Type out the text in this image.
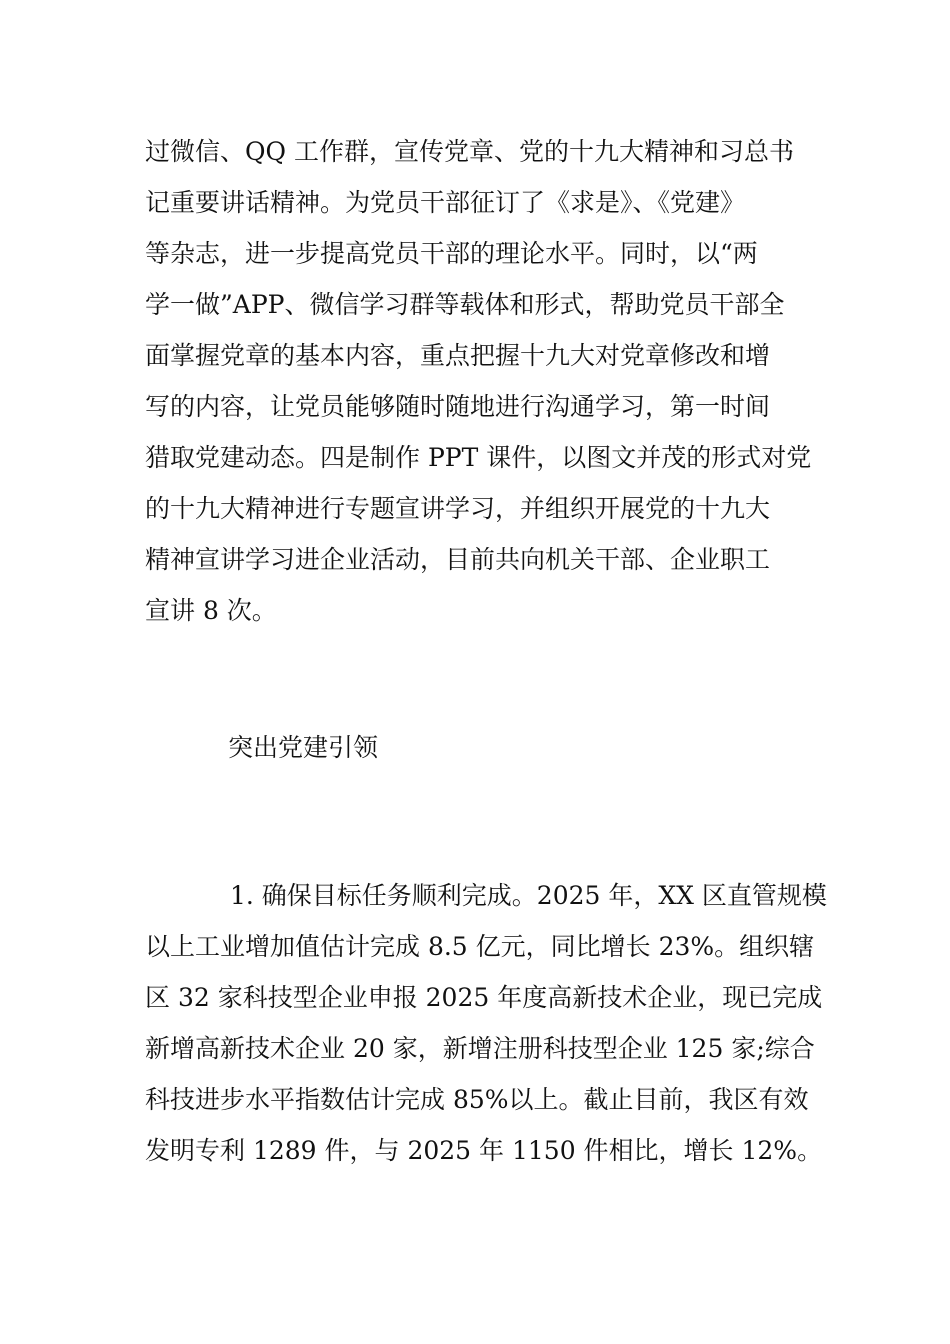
过微信、QQ 工作群，宣传党章、党的十九大精神和习总书
记重要讲话精神。为党员干部征订了《求是》、《党建》
等杂志，进一步提高党员干部的理论水平。同时，以“两
学一做”APP、微信学习群等载体和形式，帮助党员干部全
面掌握党章的基本内容，重点把握十九大对党章修改和增
写的内容，让党员能够随时随地进行沟通学习，第一时间
猎取党建动态。四是制作 PPT 课件，以图文并茂的形式对党
的十九大精神进行专题宣讲学习，并组织开展党的十九大
精神宣讲学习进企业活动，目前共向机关干部、企业职工
宣讲 8 次。
突出党建引领
1. 确保目标任务顺利完成。2025 年，XX 区直管规模
以上工业增加值估计完成 8.5 亿元，同比增长 23%。组织辖
区 32 家科技型企业申报 2025 年度高新技术企业，现已完成
新增高新技术企业 20 家，新增注册科技型企业 125 家;综合
科技进步水平指数估计完成 85%以上。截止目前，我区有效
发明专利 1289 件，与 2025 年 1150 件相比，增长 12%。
